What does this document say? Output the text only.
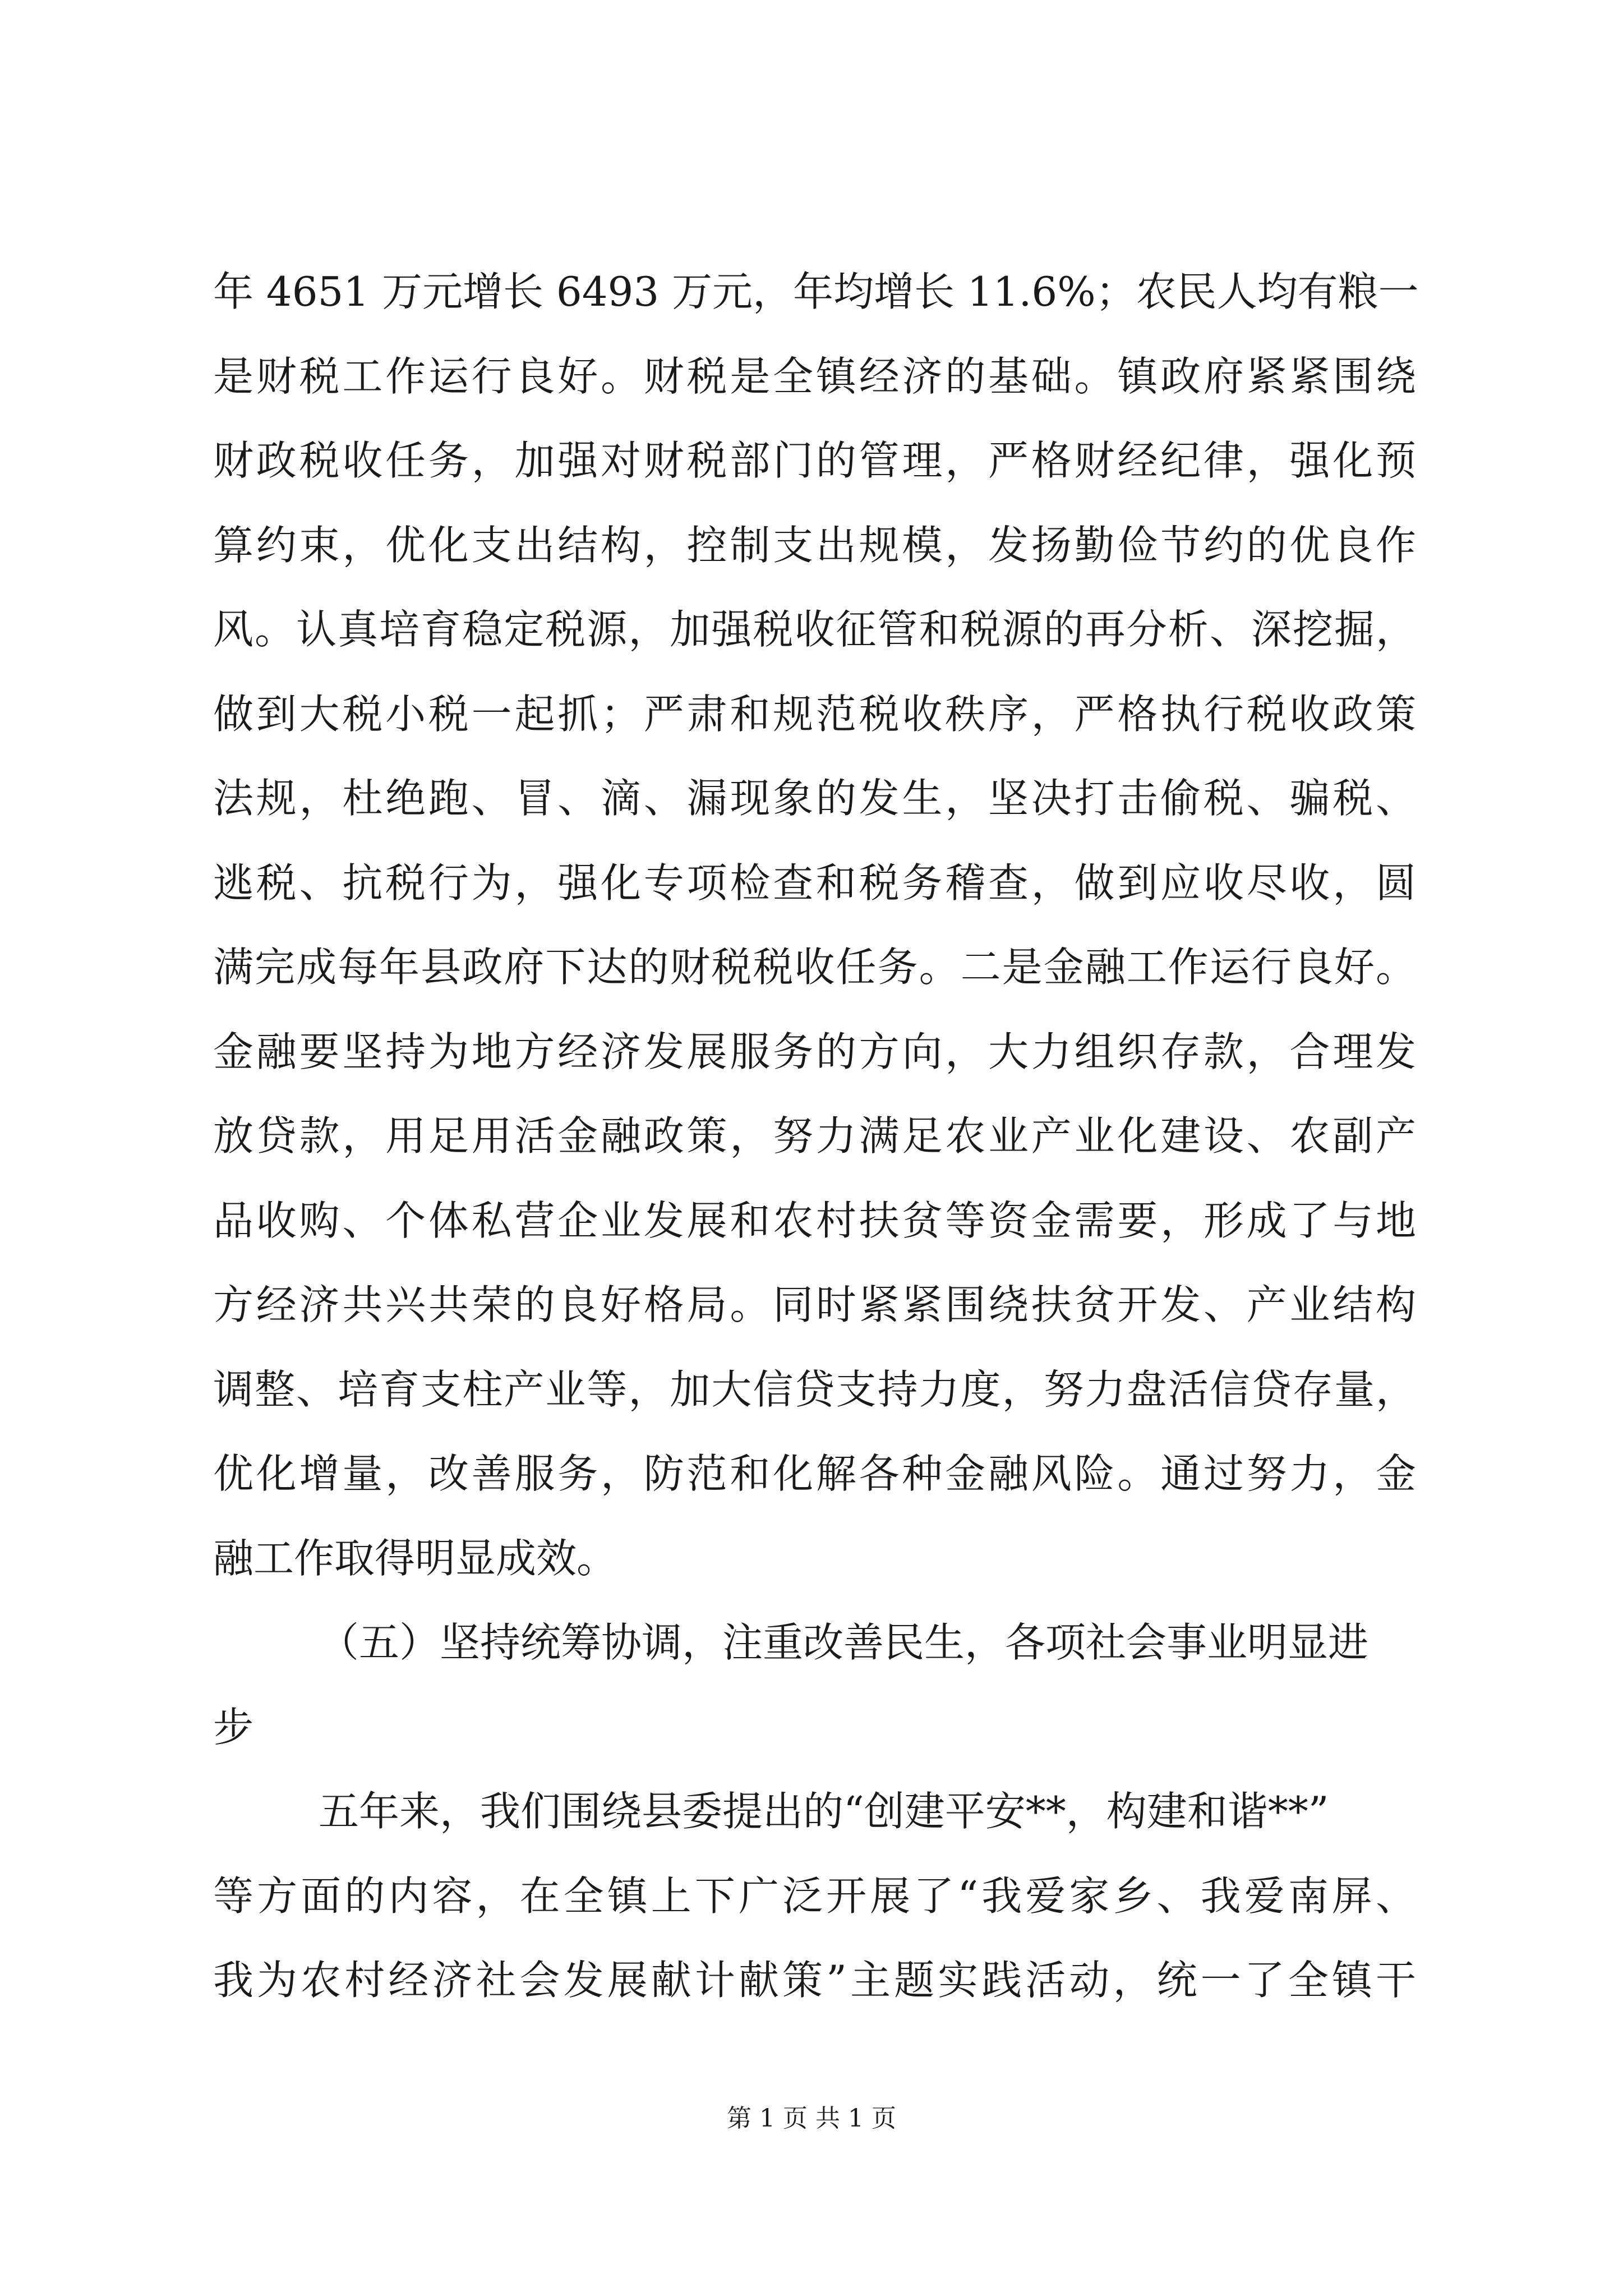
年 4651 万元增长 6493 万元，年均增长 11.6%；农民人均有粮一
是财税工作运行良好。财税是全镇经济的基础。镇政府紧紧围绕
财政税收任务，加强对财税部门的管理，严格财经纪律，强化预
算约束，优化支出结构，控制支出规模，发扬勤俭节约的优良作
风。认真培育稳定税源，加强税收征管和税源的再分析、深挖掘，
做到大税小税一起抓；严肃和规范税收秩序，严格执行税收政策
法规，杜绝跑、冒、滴、漏现象的发生，坚决打击偷税、骗税、
逃税、抗税行为，强化专项检查和税务稽查，做到应收尽收，圆
满完成每年县政府下达的财税税收任务。二是金融工作运行良好。
金融要坚持为地方经济发展服务的方向，大力组织存款，合理发
放贷款，用足用活金融政策，努力满足农业产业化建设、农副产
品收购、个体私营企业发展和农村扶贫等资金需要，形成了与地
方经济共兴共荣的良好格局。同时紧紧围绕扶贫开发、产业结构
调整、培育支柱产业等，加大信贷支持力度，努力盘活信贷存量，
优化增量，改善服务，防范和化解各种金融风险。通过努力，金
融工作取得明显成效。
（五）坚持统筹协调，注重改善民生，各项社会事业明显进
步
五年来，我们围绕县委提出的“创建平安**，构建和谐**”
等方面的内容，在全镇上下广泛开展了“我爱家乡、我爱南屏、
我为农村经济社会发展献计献策”主题实践活动，统一了全镇干
第 1 页 共 1 页
